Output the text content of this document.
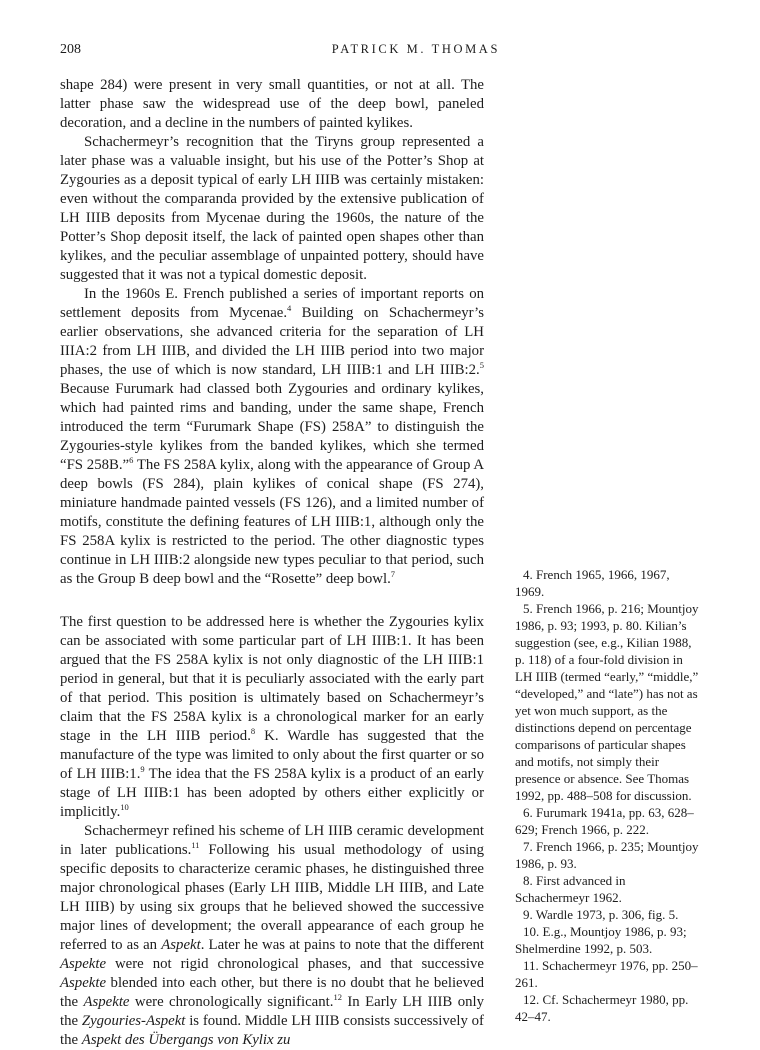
208	PATRICK M. THOMAS

shape 284) were present in very small quantities, or not at all. The latter phase saw the widespread use of the deep bowl, paneled decoration, and a decline in the numbers of painted kylikes.

Schachermeyr’s recognition that the Tiryns group represented a later phase was a valuable insight, but his use of the Potter’s Shop at Zygouries as a deposit typical of early LH IIIB was certainly mistaken: even without the comparanda provided by the extensive publication of LH IIIB deposits from Mycenae during the 1960s, the nature of the Potter’s Shop deposit itself, the lack of painted open shapes other than kylikes, and the peculiar assemblage of unpainted pottery, should have suggested that it was not a typical domestic deposit.

In the 1960s E. French published a series of important reports on settlement deposits from Mycenae.$^4$ Building on Schachermeyr’s earlier observations, she advanced criteria for the separation of LH IIIA:2 from LH IIIB, and divided the LH IIIB period into two major phases, the use of which is now standard, LH IIIB:1 and LH IIIB:2.$^5$ Because Furumark had classed both Zygouries and ordinary kylikes, which had painted rims and banding, under the same shape, French introduced the term “Furumark Shape (FS) 258A” to distinguish the Zygouries-style kylikes from the banded kylikes, which she termed “FS 258B.”$^6$ The FS 258A kylix, along with the appearance of Group A deep bowls (FS 284), plain kylikes of conical shape (FS 274), miniature handmade painted vessels (FS 126), and a limited number of motifs, constitute the defining features of LH IIIB:1, although only the FS 258A kylix is restricted to the period. The other diagnostic types continue in LH IIIB:2 alongside new types peculiar to that period, such as the Group B deep bowl and the “Rosette” deep bowl.$^7$

The first question to be addressed here is whether the Zygouries kylix can be associated with some particular part of LH IIIB:1. It has been argued that the FS 258A kylix is not only diagnostic of the LH IIIB:1 period in general, but that it is peculiarly associated with the early part of that period. This position is ultimately based on Schachermeyr’s claim that the FS 258A kylix is a chronological marker for an early stage in the LH IIIB period.$^8$ K. Wardle has suggested that the manufacture of the type was limited to only about the first quarter or so of LH IIIB:1.$^9$ The idea that the FS 258A kylix is a product of an early stage of LH IIIB:1 has been adopted by others either explicitly or implicitly.$^{10}$

Schachermeyr refined his scheme of LH IIIB ceramic development in later publications.$^{11}$ Following his usual methodology of using specific deposits to characterize ceramic phases, he distinguished three major chronological phases (Early LH IIIB, Middle LH IIIB, and Late LH IIIB) by using six groups that he believed showed the successive major lines of development; the overall appearance of each group he referred to as an Aspekt. Later he was at pains to note that the different Aspekte were not rigid chronological phases, and that successive Aspekte blended into each other, but there is no doubt that he believed the Aspekte were chronologically significant.$^{12}$ In Early LH IIIB only the Zygouries-Aspekt is found. Middle LH IIIB consists successively of the Aspekt des Übergangs von Kylix zu

4. French 1965, 1966, 1967, 1969.

5. French 1966, p. 216; Mountjoy 1986, p. 93; 1993, p. 80. Kilian’s suggestion (see, e.g., Kilian 1988, p. 118) of a four-fold division in LH IIIB (termed “early,” “middle,” “developed,” and “late”) has not as yet won much support, as the distinctions depend on percentage comparisons of particular shapes and motifs, not simply their presence or absence. See Thomas 1992, pp. 488–508 for discussion.

6. Furumark 1941a, pp. 63, 628–629; French 1966, p. 222.

7. French 1966, p. 235; Mountjoy 1986, p. 93.

8. First advanced in Schachermeyr 1962.

9. Wardle 1973, p. 306, fig. 5.

10. E.g., Mountjoy 1986, p. 93; Shelmerdine 1992, p. 503.

11. Schachermeyr 1976, pp. 250–261.

12. Cf. Schachermeyr 1980, pp. 42–47.
